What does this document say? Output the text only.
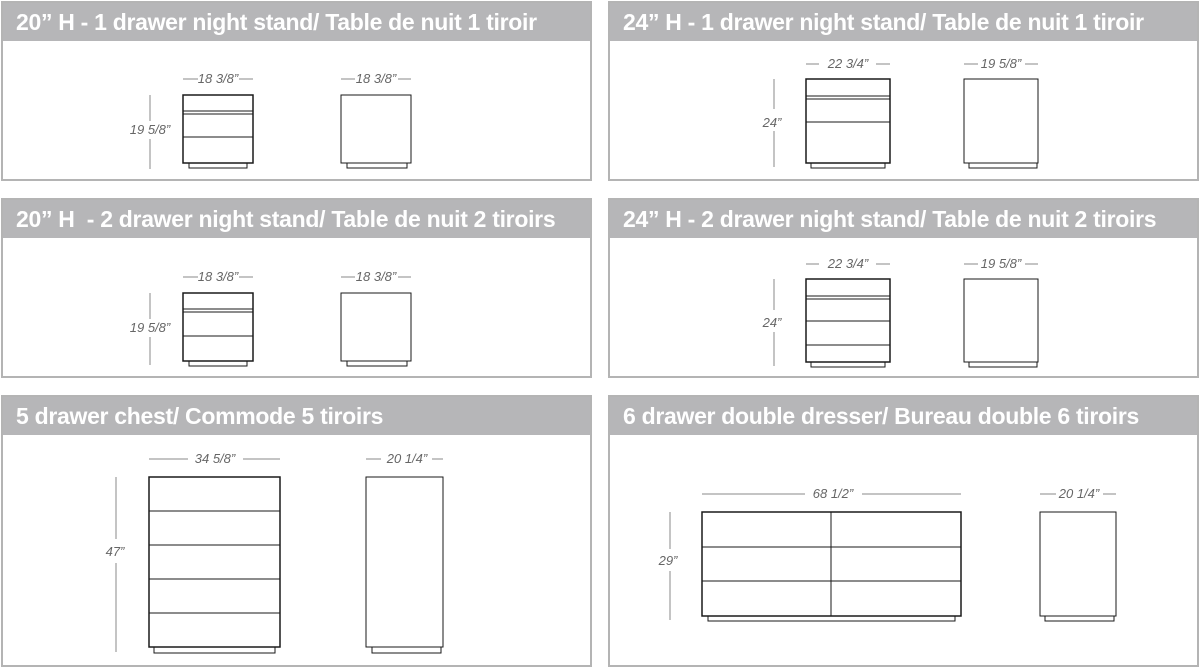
20” H - 1 drawer night stand/ Table de nuit 1 tiroir
18 3/8”
19 5/8”
18 3/8”
24” H - 1 drawer night stand/ Table de nuit 1 tiroir
22 3/4”
24”
19 5/8”
20” H  - 2 drawer night stand/ Table de nuit 2 tiroirs
18 3/8”
19 5/8”
18 3/8”
24” H - 2 drawer night stand/ Table de nuit 2 tiroirs
22 3/4”
24”
19 5/8”
5 drawer chest/ Commode 5 tiroirs
34 5/8”
47”
20 1/4”
6 drawer double dresser/ Bureau double 6 tiroirs
68 1/2”
29”
20 1/4”
